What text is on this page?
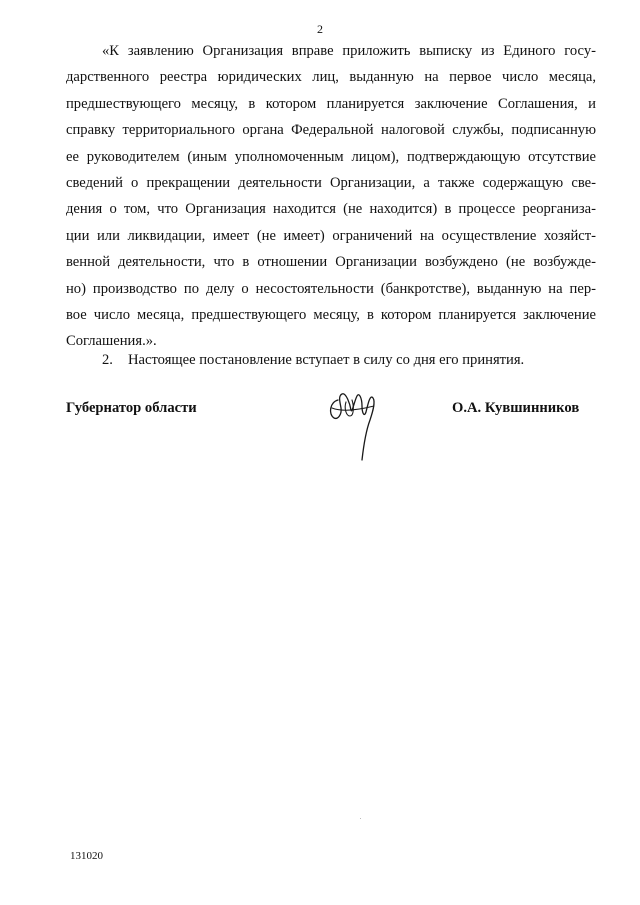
2
«К заявлению Организация вправе приложить выписку из Единого госу-
дарственного реестра юридических лиц, выданную на первое число месяца,
предшествующего месяцу, в котором планируется заключение Соглашения, и
справку территориального органа Федеральной налоговой службы, подписанную
ее руководителем (иным уполномоченным лицом), подтверждающую отсутствие
сведений о прекращении деятельности Организации, а также содержащую све-
дения о том, что Организация находится (не находится) в процессе реорганиза-
ции или ликвидации, имеет (не имеет) ограничений на осуществление хозяйст-
венной деятельности, что в отношении Организации возбуждено (не возбужде-
но) производство по делу о несостоятельности (банкротстве), выданную на пер-
вое число месяца, предшествующего месяцу, в котором планируется заключение
Соглашения.».
2. Настоящее постановление вступает в силу со дня его принятия.
Губернатор области	О.А. Кувшинников
131020
